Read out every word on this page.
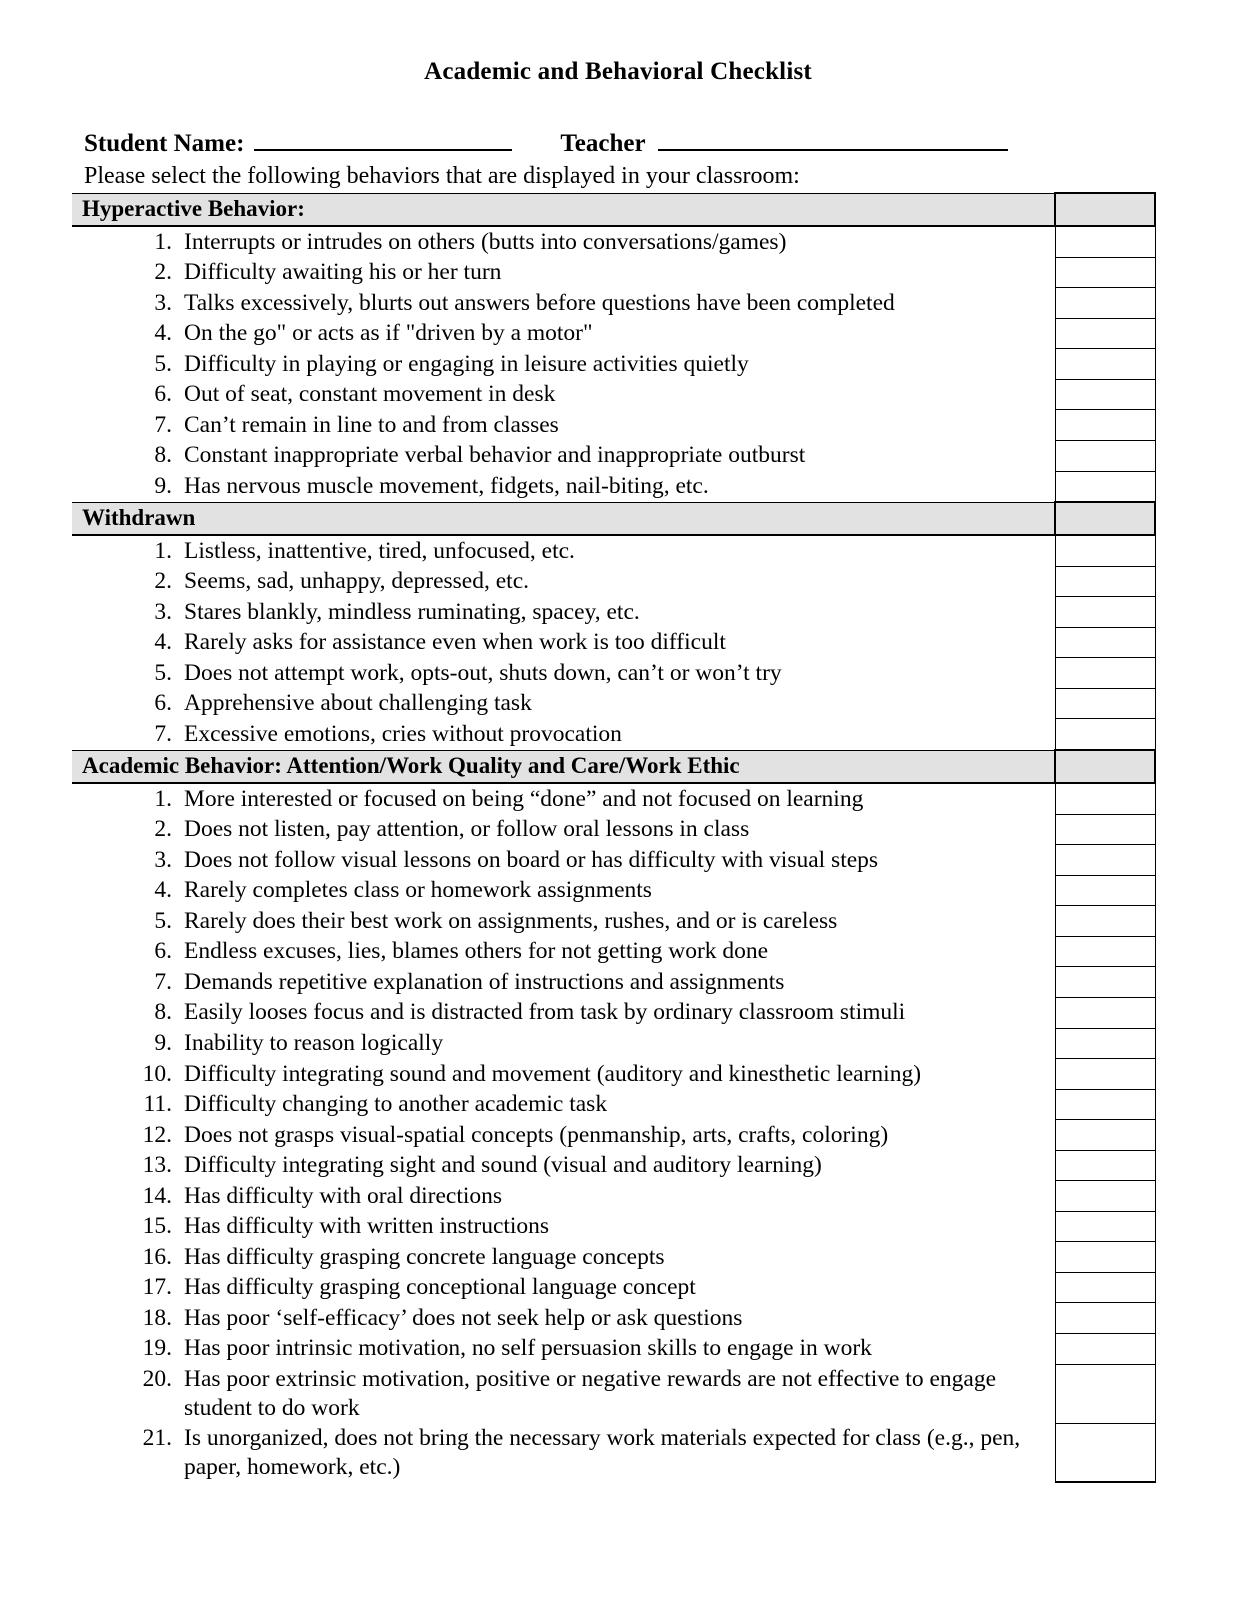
Academic and Behavioral Checklist
Student Name:	Teacher
Please select the following behaviors that are displayed in your classroom:
Hyperactive Behavior:	

1. Interrupts or intrudes on others (butts into conversations/games)	

2. Difficulty awaiting his or her turn	

3. Talks excessively, blurts out answers before questions have been completed	

4. On the go" or acts as if "driven by a motor"	

5. Difficulty in playing or engaging in leisure activities quietly	

6. Out of seat, constant movement in desk	

7. Can’t remain in line to and from classes	

8. Constant inappropriate verbal behavior and inappropriate outburst	

9. Has nervous muscle movement, fidgets, nail-biting, etc.	

Withdrawn	

1. Listless, inattentive, tired, unfocused, etc.	

2. Seems, sad, unhappy, depressed, etc.	

3. Stares blankly, mindless ruminating, spacey, etc.	

4. Rarely asks for assistance even when work is too difficult	

5. Does not attempt work, opts-out, shuts down, can’t or won’t try	

6. Apprehensive about challenging task	

7. Excessive emotions, cries without provocation	

Academic Behavior: Attention/Work Quality and Care/Work Ethic	

1. More interested or focused on being “done” and not focused on learning	

2. Does not listen, pay attention, or follow oral lessons in class	

3. Does not follow visual lessons on board or has difficulty with visual steps	

4. Rarely completes class or homework assignments	

5. Rarely does their best work on assignments, rushes, and or is careless	

6. Endless excuses, lies, blames others for not getting work done	

7. Demands repetitive explanation of instructions and assignments	

8. Easily looses focus and is distracted from task by ordinary classroom stimuli	

9. Inability to reason logically	

10. Difficulty integrating sound and movement (auditory and kinesthetic learning)	

11. Difficulty changing to another academic task	

12. Does not grasps visual-spatial concepts (penmanship, arts, crafts, coloring)	

13. Difficulty integrating sight and sound (visual and auditory learning)	

14. Has difficulty with oral directions	

15. Has difficulty with written instructions	

16. Has difficulty grasping concrete language concepts	

17. Has difficulty grasping conceptional language concept	

18. Has poor ‘self-efficacy’ does not seek help or ask questions	

19. Has poor intrinsic motivation, no self persuasion skills to engage in work	

20. Has poor extrinsic motivation, positive or negative rewards are not effective to engage student to do work	

21. Is unorganized, does not bring the necessary work materials expected for class (e.g., pen, paper, homework, etc.)	
